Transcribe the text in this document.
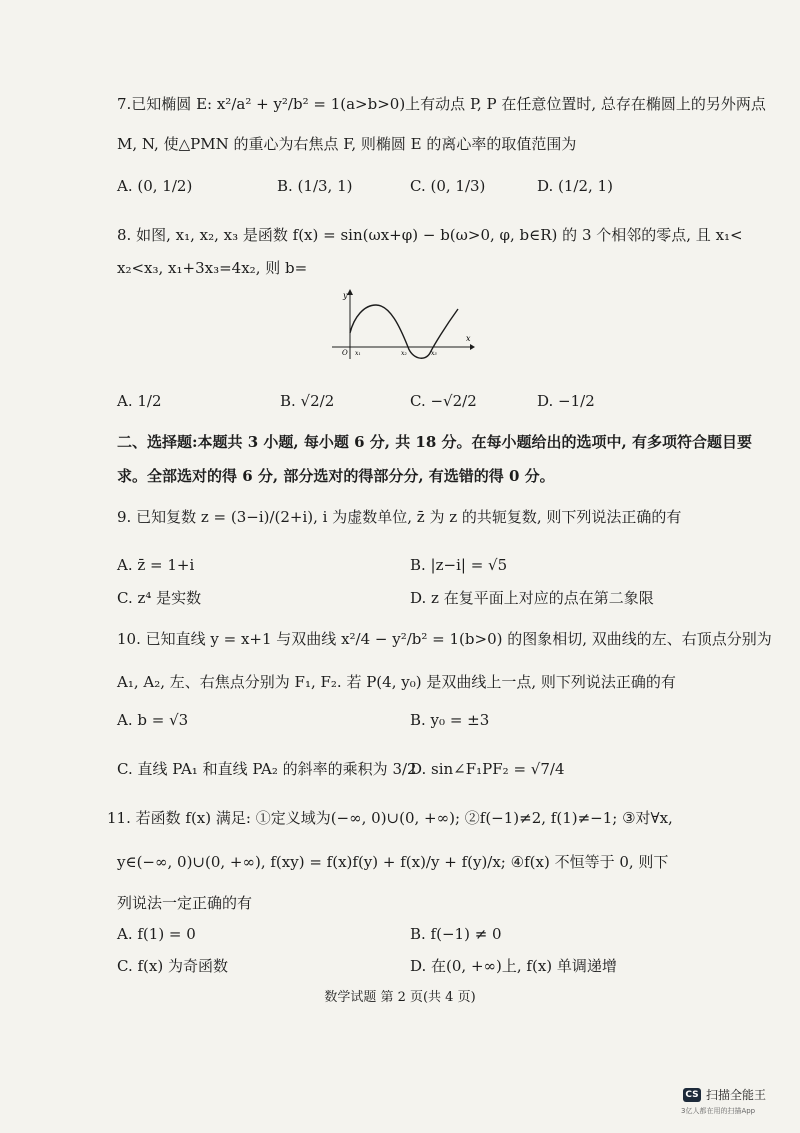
7.已知椭圆 E: x²/a² + y²/b² = 1(a>b>0)上有动点 P, P 在任意位置时, 总存在椭圆上的另外两点
M, N, 使△PMN 的重心为右焦点 F, 则椭圆 E 的离心率的取值范围为
A. (0, 1/2)	B. (1/3, 1)	C. (0, 1/3)	D. (1/2, 1)
8. 如图, x₁, x₂, x₃ 是函数 f(x) = sin(ωx+φ) − b(ω>0, φ, b∈R) 的 3 个相邻的零点, 且 x₁<
x₂<x₃, x₁+3x₃=4x₂, 则 b=
y
x
O x₁	x₂	x₃
A. 1/2	B. √2/2	C. −√2/2	D. −1/2
二、选择题:本题共 3 小题, 每小题 6 分, 共 18 分。在每小题给出的选项中, 有多项符合题目要
求。全部选对的得 6 分, 部分选对的得部分分, 有选错的得 0 分。
9. 已知复数 z = (3−i)/(2+i), i 为虚数单位, z̄ 为 z 的共轭复数, 则下列说法正确的有
A. z̄ = 1+i	B. |z−i| = √5
C. z⁴ 是实数	D. z 在复平面上对应的点在第二象限
10. 已知直线 y = x+1 与双曲线 x²/4 − y²/b² = 1(b>0) 的图象相切, 双曲线的左、右顶点分别为
A₁, A₂, 左、右焦点分别为 F₁, F₂. 若 P(4, y₀) 是双曲线上一点, 则下列说法正确的有
A. b = √3	B. y₀ = ±3
C. 直线 PA₁ 和直线 PA₂ 的斜率的乘积为 3/2
D. sin∠F₁PF₂ = √7/4
11. 若函数 f(x) 满足: ①定义域为(−∞, 0)∪(0, +∞); ②f(−1)≠2, f(1)≠−1; ③对∀x,
y∈(−∞, 0)∪(0, +∞), f(xy) = f(x)f(y) + f(x)/y + f(y)/x; ④f(x) 不恒等于 0, 则下
列说法一定正确的有
A. f(1) = 0	B. f(−1) ≠ 0
C. f(x) 为奇函数	D. 在(0, +∞)上, f(x) 单调递增
数学试题 第 2 页(共 4 页)
CS 扫描全能王
3亿人都在用的扫描App
